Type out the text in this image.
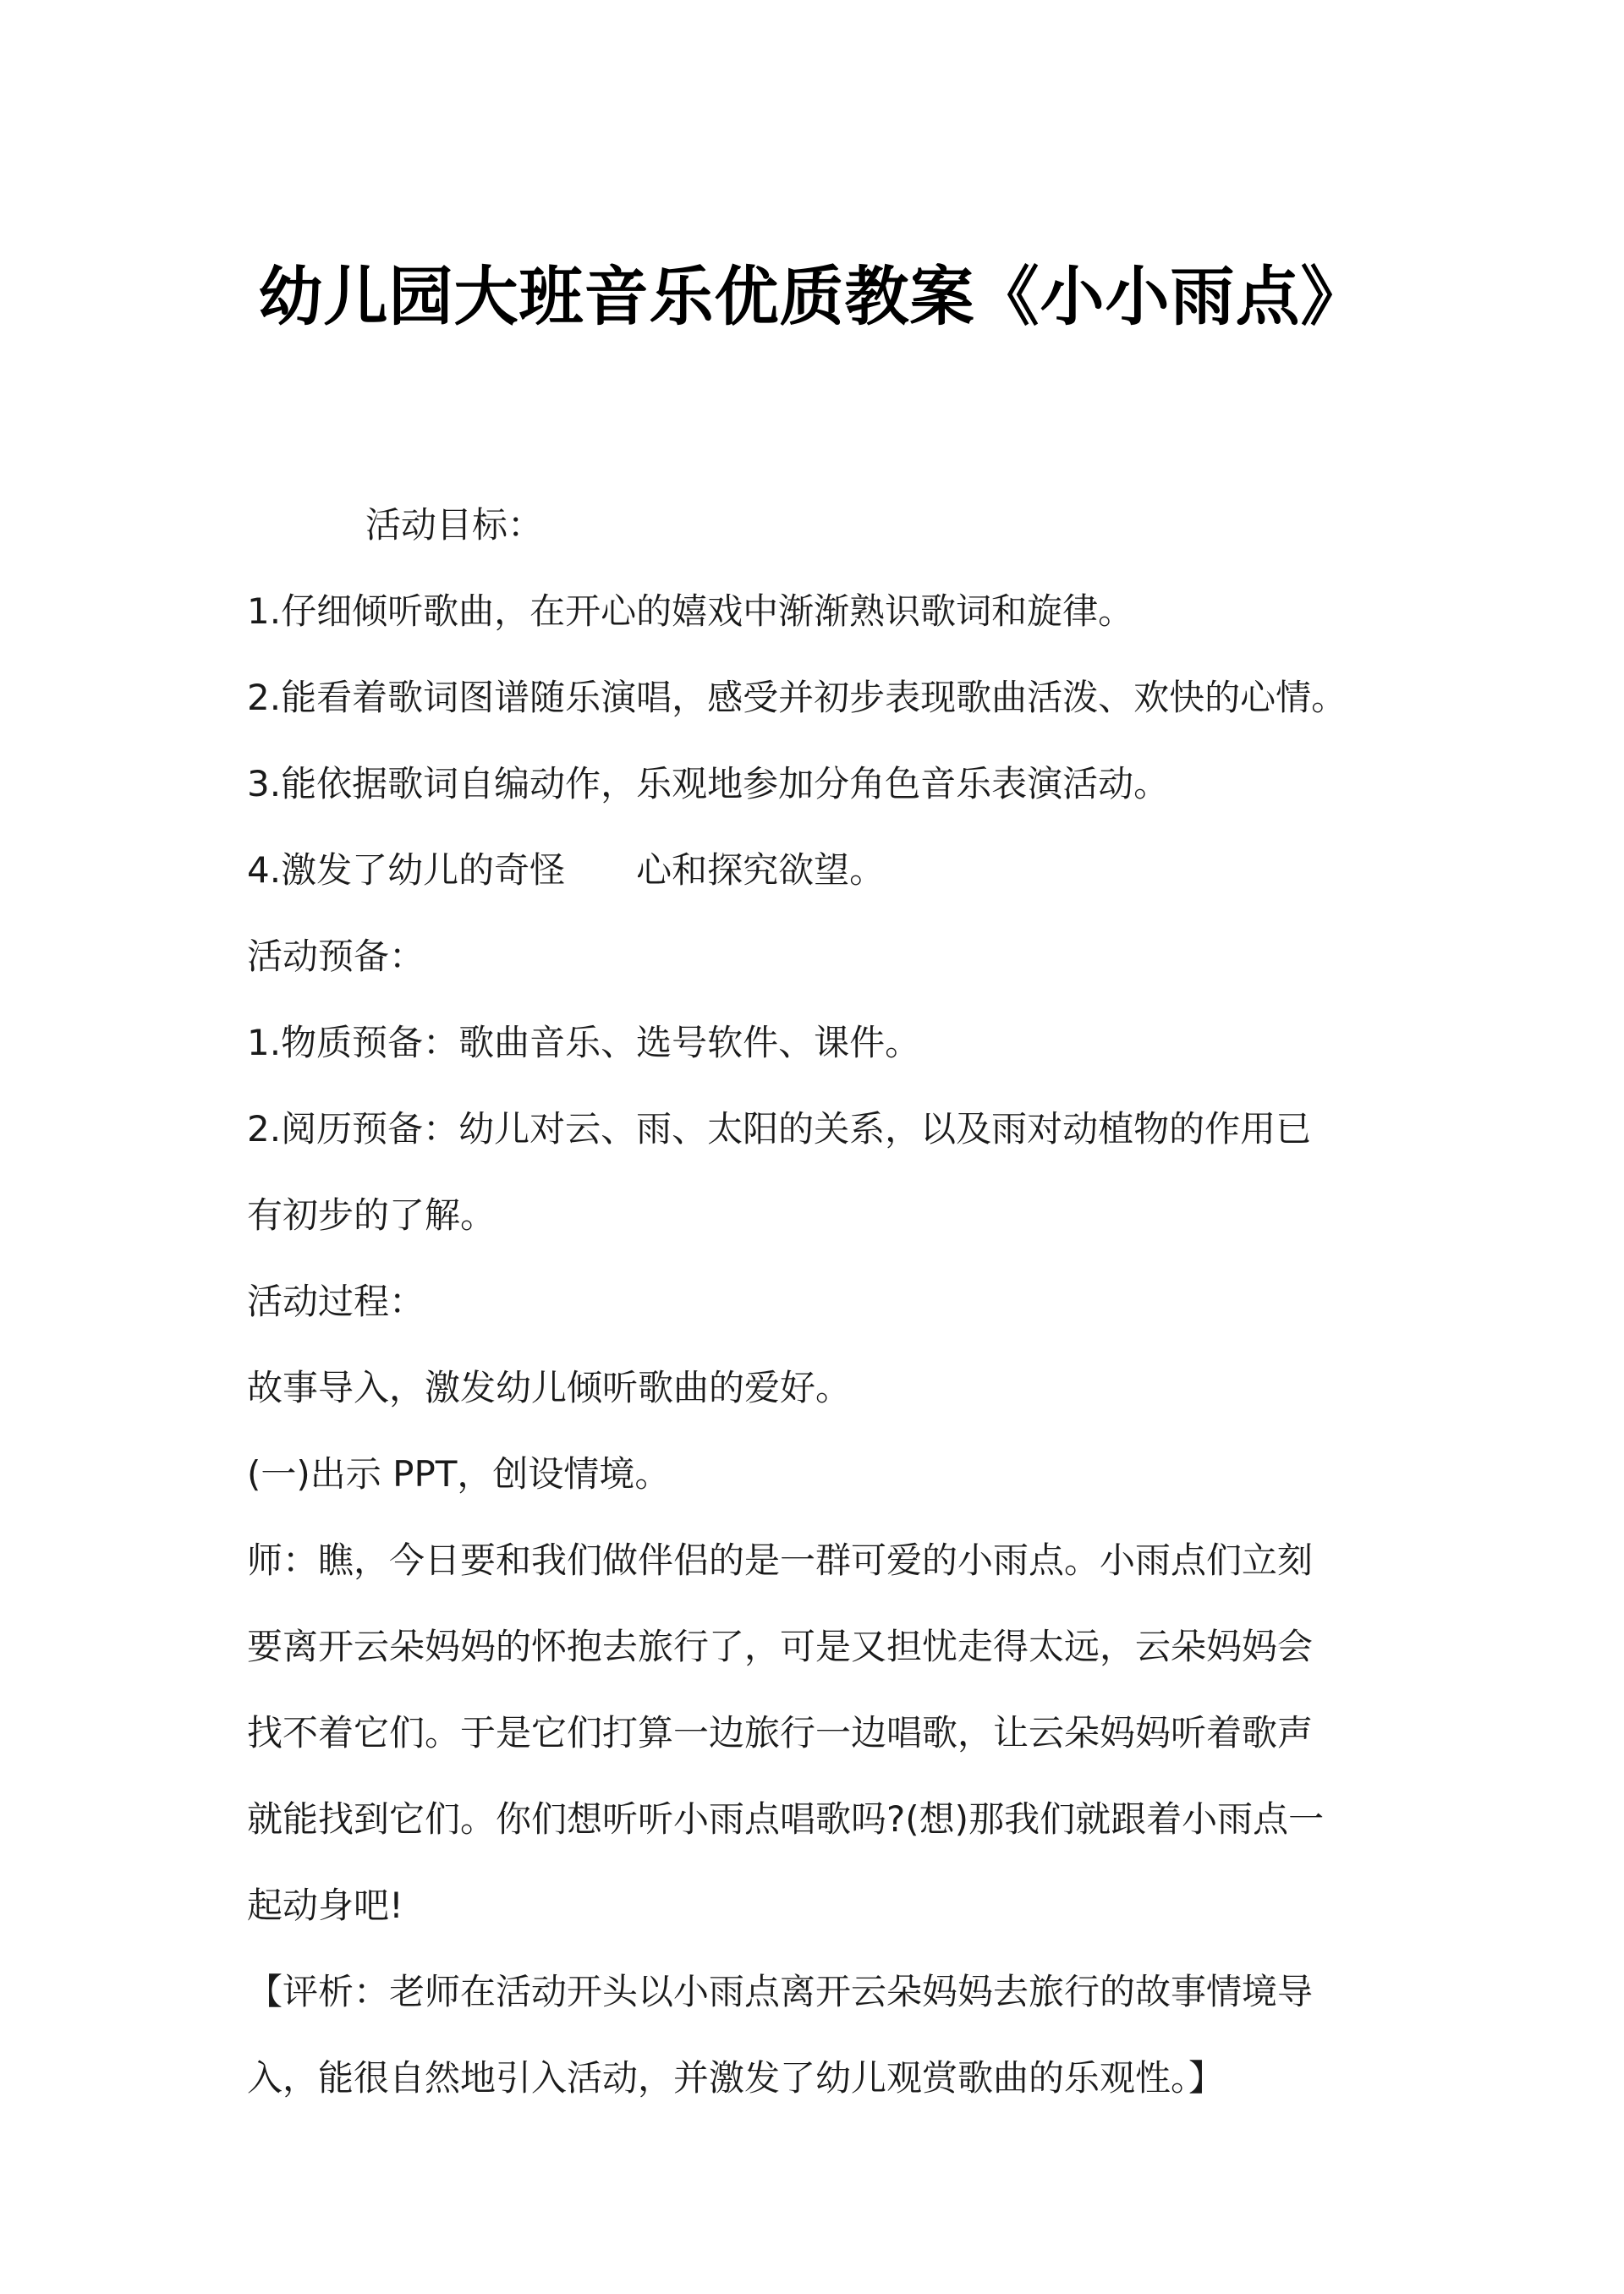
幼儿园大班音乐优质教案《小小雨点》
活动目标：
1.仔细倾听歌曲，在开心的嬉戏中渐渐熟识歌词和旋律。
2.能看着歌词图谱随乐演唱，感受并初步表现歌曲活泼、欢快的心情。
3.能依据歌词自编动作，乐观地参加分角色音乐表演活动。
4.激发了幼儿的奇怪 心和探究欲望。
活动预备：
1.物质预备：歌曲音乐、选号软件、课件。
2.阅历预备：幼儿对云、雨、太阳的关系，以及雨对动植物的作用已
有初步的了解。
活动过程：
故事导入，激发幼儿倾听歌曲的爱好。
(一)出示 PPT，创设情境。
师：瞧，今日要和我们做伴侣的是一群可爱的小雨点。小雨点们立刻
要离开云朵妈妈的怀抱去旅行了，可是又担忧走得太远，云朵妈妈会
找不着它们。于是它们打算一边旅行一边唱歌，让云朵妈妈听着歌声
就能找到它们。你们想听听小雨点唱歌吗?(想)那我们就跟着小雨点一
起动身吧!
【评析：老师在活动开头以小雨点离开云朵妈妈去旅行的故事情境导
入，能很自然地引入活动，并激发了幼儿观赏歌曲的乐观性。】
